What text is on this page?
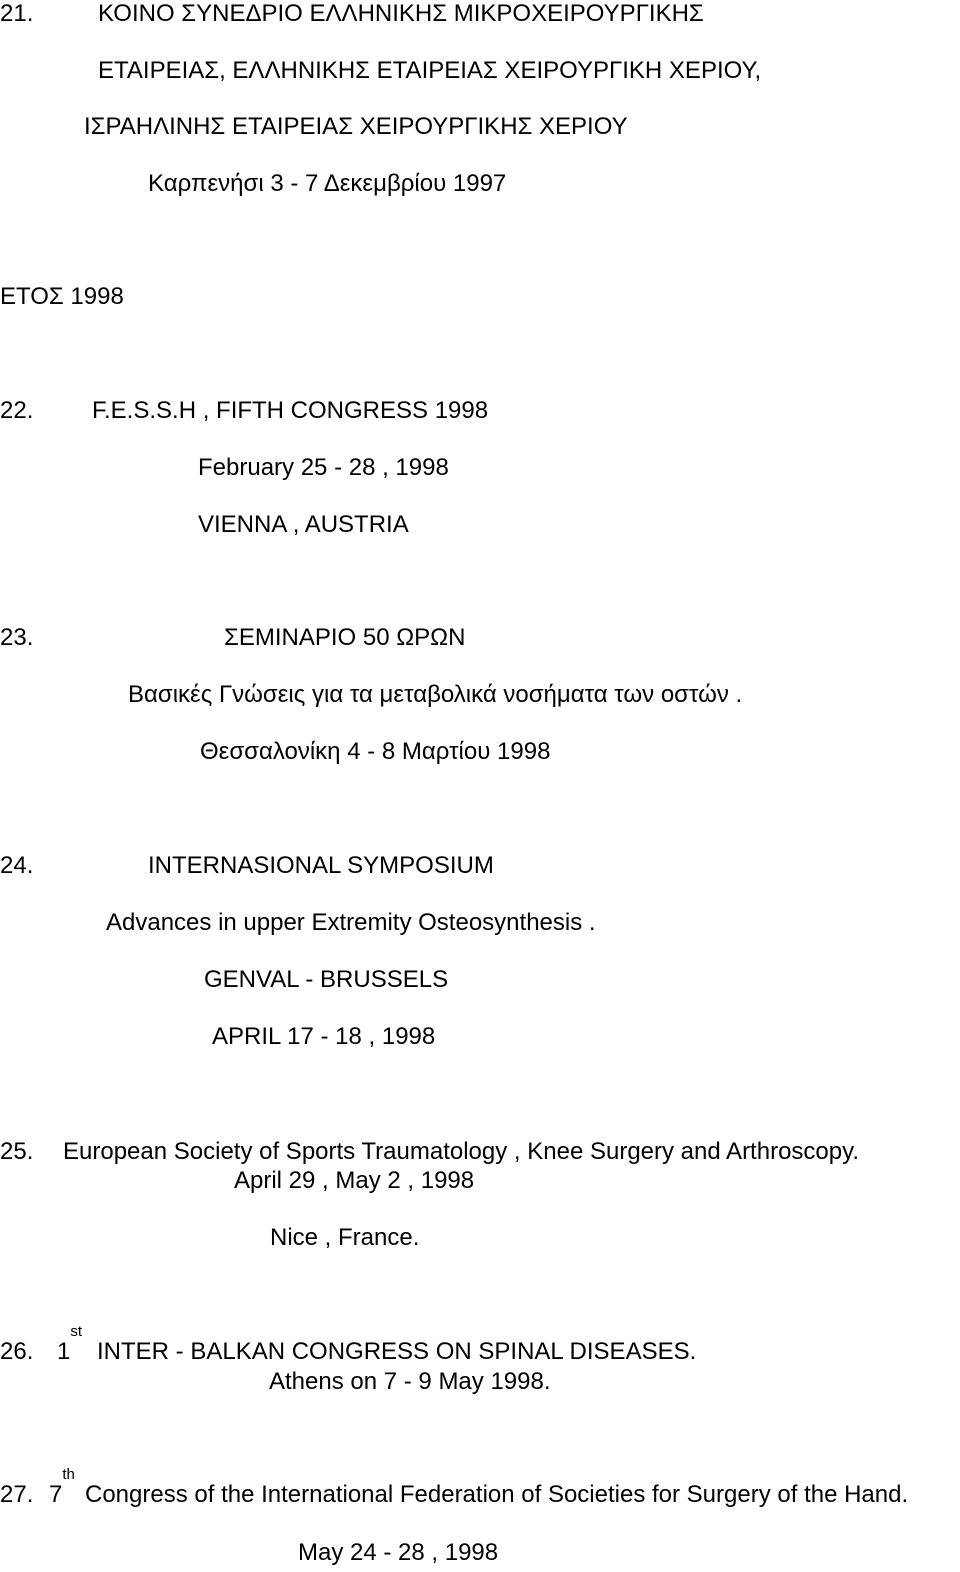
21.	ΚΟΙΝΟ ΣΥΝΕΔΡΙΟ ΕΛΛΗΝΙΚΗΣ ΜΙΚΡΟΧΕΙΡΟΥΡΓΙΚΗΣ

ΕΤΑΙΡΕΙΑΣ, ΕΛΛΗΝΙΚΗΣ ΕΤΑΙΡΕΙΑΣ ΧΕΙΡΟΥΡΓΙΚΗ ΧΕΡΙΟΥ,

ΙΣΡΑΗΛΙΝΗΣ ΕΤΑΙΡΕΙΑΣ ΧΕΙΡΟΥΡΓΙΚΗΣ ΧΕΡΙΟΥ

Καρπενήσι 3 - 7 Δεκεμβρίου 1997

ΕΤΟΣ 1998

22. F.E.S.S.H , FIFTH CONGRESS 1998

February 25 - 28 , 1998

VIENNA , AUSTRIA

23.	ΣΕΜΙΝΑΡΙΟ 50 ΩΡΩΝ

Βασικές Γνώσεις για τα μεταβολικά νοσήματα των οστών .

Θεσσαλονίκη 4 - 8 Μαρτίου 1998

24.	INTERNASIONAL SYMPOSIUM

Advances in upper Extremity Osteosynthesis .

GENVAL - BRUSSELS

APRIL 17 - 18 , 1998

25. European Society of Sports Traumatology , Knee Surgery and Arthroscopy.

April 29 , May 2 , 1998

Nice , France.

26. 1st

INTER - BALKAN CONGRESS ON SPINAL DISEASES.

Athens on 7 - 9 May 1998.

27. 7th

Congress of the International Federation of Societies for Surgery of the Hand.

May 24 - 28 , 1998
